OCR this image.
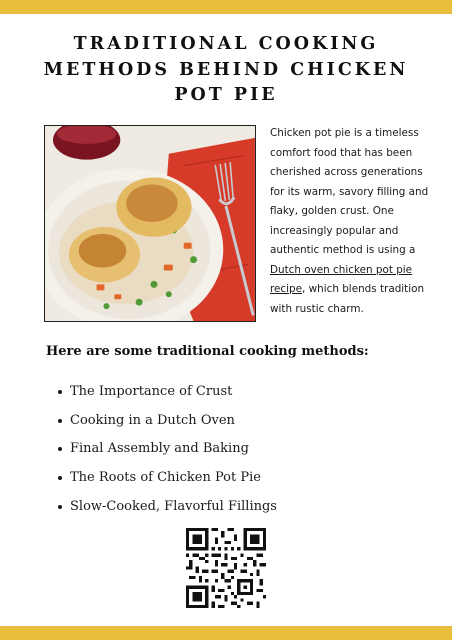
TRADITIONAL COOKING METHODS BEHIND CHICKEN POT PIE

Chicken pot pie is a timeless comfort food that has been cherished across generations for its warm, savory filling and flaky, golden crust. One increasingly popular and authentic method is using a Dutch oven chicken pot pie recipe, which blends tradition with rustic charm.

Here are some traditional cooking methods:
The Importance of Crust
Cooking in a Dutch Oven
Final Assembly and Baking
The Roots of Chicken Pot Pie
Slow-Cooked, Flavorful Fillings
